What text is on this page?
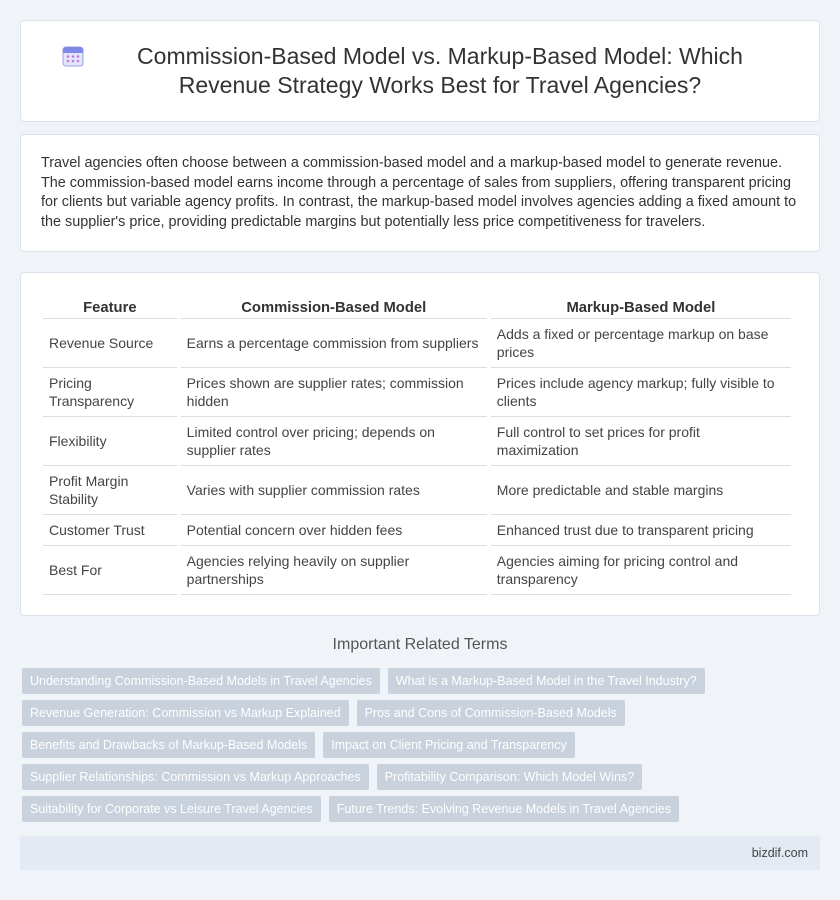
Commission-Based Model vs. Markup-Based Model: Which Revenue Strategy Works Best for Travel Agencies?

Travel agencies often choose between a commission-based model and a markup-based model to generate revenue. The commission-based model earns income through a percentage of sales from suppliers, offering transparent pricing for clients but variable agency profits. In contrast, the markup-based model involves agencies adding a fixed amount to the supplier's price, providing predictable margins but potentially less price competitiveness for travelers.

Feature	Commission-Based Model	Markup-Based Model
Revenue Source	Earns a percentage commission from suppliers	Adds a fixed or percentage markup on base prices
Pricing Transparency	Prices shown are supplier rates; commission hidden	Prices include agency markup; fully visible to clients
Flexibility	Limited control over pricing; depends on supplier rates	Full control to set prices for profit maximization
Profit Margin Stability	Varies with supplier commission rates	More predictable and stable margins
Customer Trust	Potential concern over hidden fees	Enhanced trust due to transparent pricing
Best For	Agencies relying heavily on supplier partnerships	Agencies aiming for pricing control and transparency
Important Related Terms
Understanding Commission-Based Models in Travel Agencies	What is a Markup-Based Model in the Travel Industry?
Revenue Generation: Commission vs Markup Explained	Pros and Cons of Commission-Based Models
Benefits and Drawbacks of Markup-Based Models	Impact on Client Pricing and Transparency
Supplier Relationships: Commission vs Markup Approaches	Profitability Comparison: Which Model Wins?
Suitability for Corporate vs Leisure Travel Agencies	Future Trends: Evolving Revenue Models in Travel Agencies
bizdif.com
